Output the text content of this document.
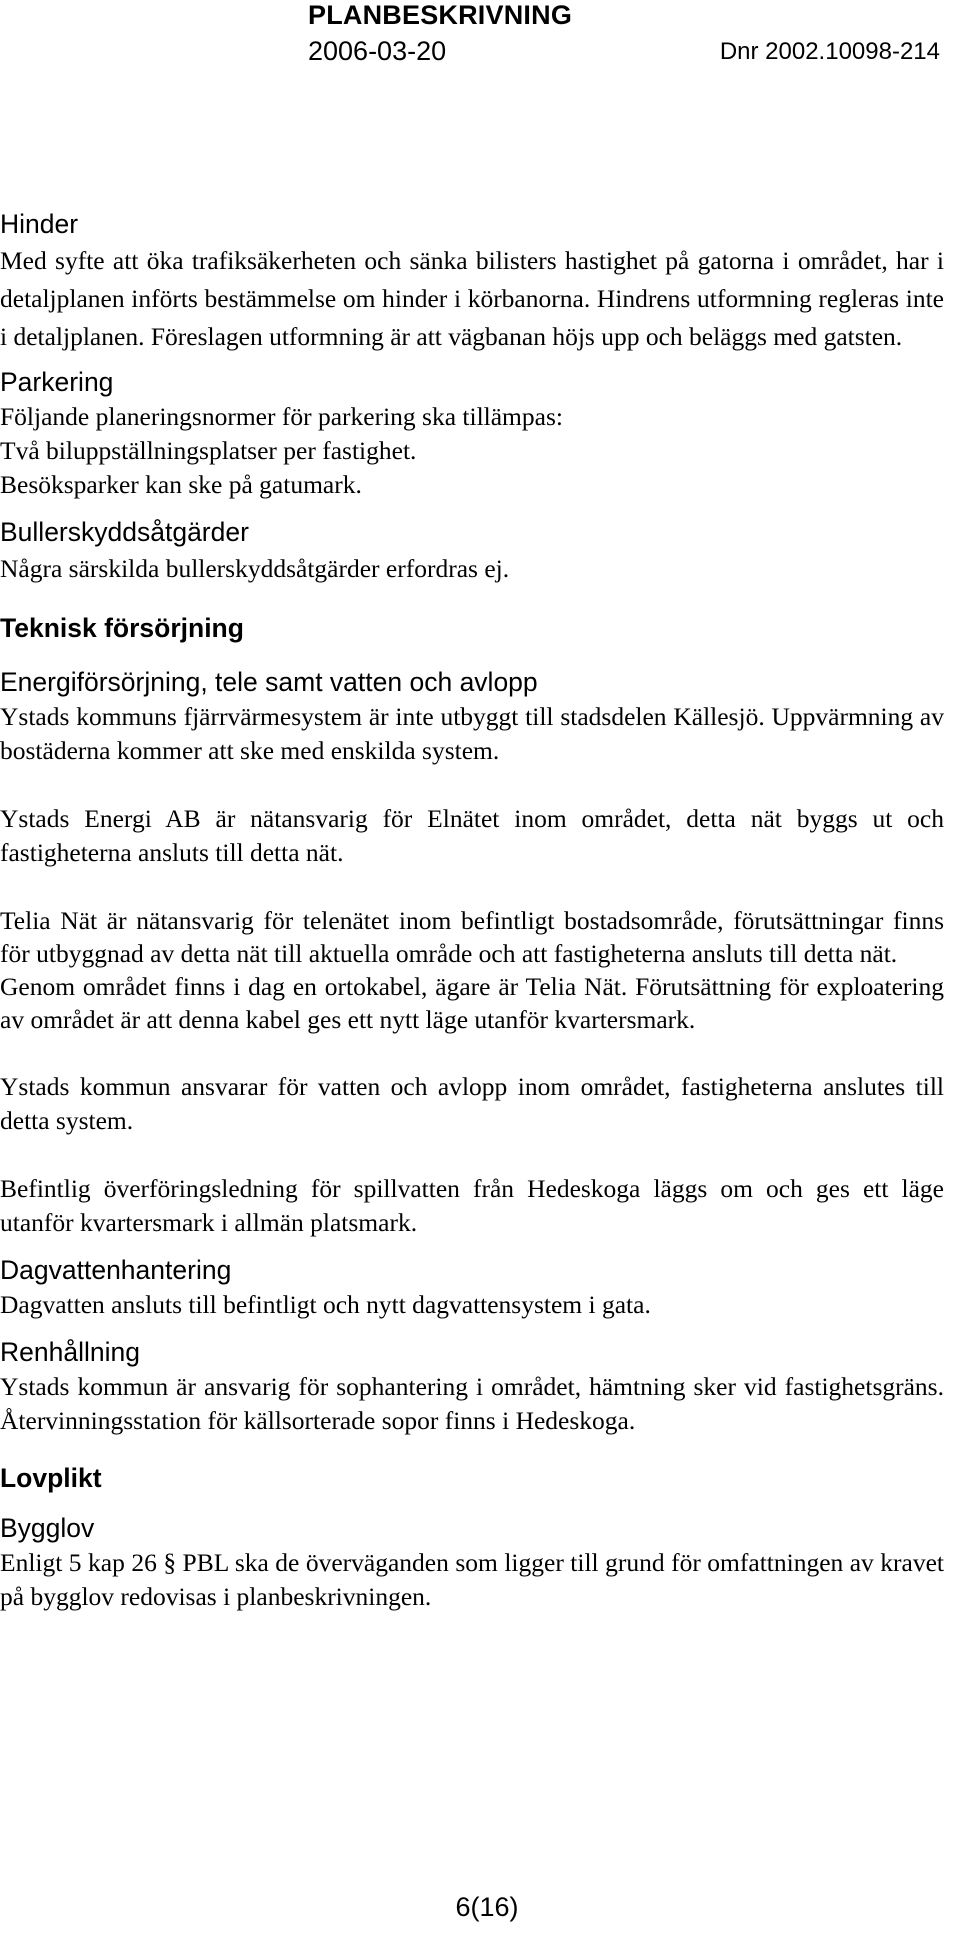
PLANBESKRIVNING
2006-03-20	Dnr 2002.10098-214
Hinder

Med syfte att öka trafiksäkerheten och sänka bilisters hastighet på gatorna i området, har i detaljplanen införts bestämmelse om hinder i körbanorna. Hindrens utformning regleras inte i detaljplanen. Föreslagen utformning är att vägbanan höjs upp och beläggs med gatsten.

Parkering
Följande planeringsnormer för parkering ska tillämpas:
Två biluppställningsplatser per fastighet.
Besöksparker kan ske på gatumark.
Bullerskyddsåtgärder

Några särskilda bullerskyddsåtgärder erfordras ej.

Teknisk försörjning
Energiförsörjning, tele samt vatten och avlopp

Ystads kommuns fjärrvärmesystem är inte utbyggt till stadsdelen Källesjö. Uppvärmning av bostäderna kommer att ske med enskilda system.

Ystads Energi AB är nätansvarig för Elnätet inom området, detta nät byggs ut och fastigheterna ansluts till detta nät.

Telia Nät är nätansvarig för telenätet inom befintligt bostadsområde, förutsättningar finns för utbyggnad av detta nät till aktuella område och att fastigheterna ansluts till detta nät.

Genom området finns i dag en ortokabel, ägare är Telia Nät. Förutsättning för exploatering av området är att denna kabel ges ett nytt läge utanför kvartersmark.

Ystads kommun ansvarar för vatten och avlopp inom området, fastigheterna anslutes till detta system.

Befintlig överföringsledning för spillvatten från Hedeskoga läggs om och ges ett läge utanför kvartersmark i allmän platsmark.

Dagvattenhantering

Dagvatten ansluts till befintligt och nytt dagvattensystem i gata.

Renhållning

Ystads kommun är ansvarig för sophantering i området, hämtning sker vid fastighetsgräns. Återvinningsstation för källsorterade sopor finns i Hedeskoga.

Lovplikt
Bygglov

Enligt 5 kap 26 § PBL ska de överväganden som ligger till grund för omfattningen av kravet på bygglov redovisas i planbeskrivningen.

6(16)
